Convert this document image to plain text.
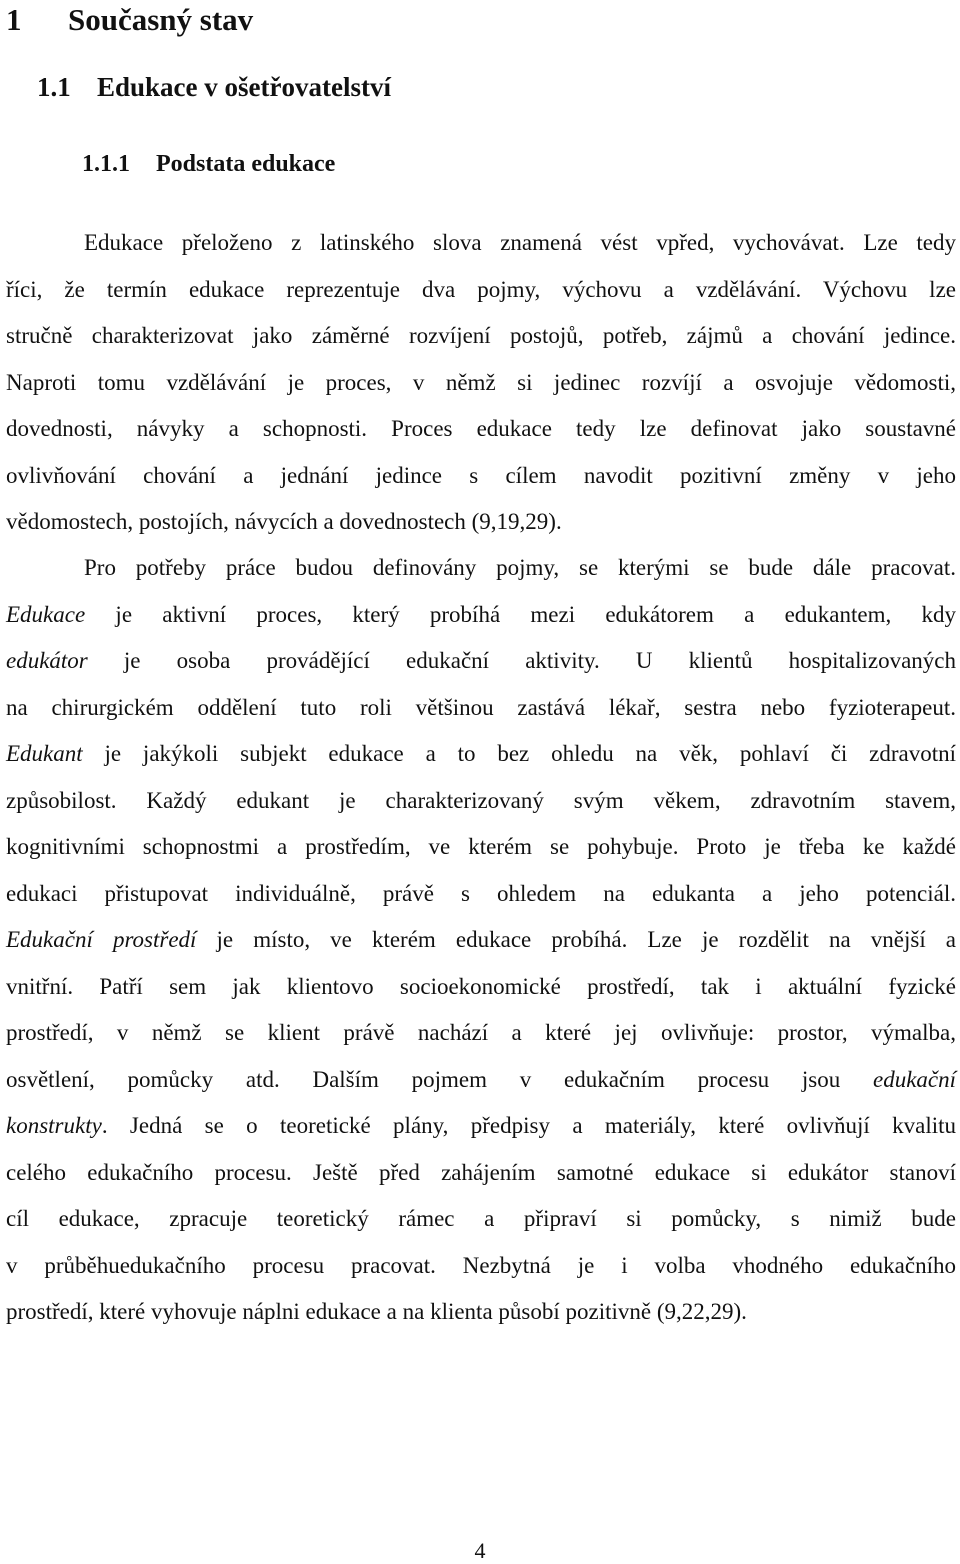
1 Současný stav
1.1 Edukace v ošetřovatelství
1.1.1 Podstata edukace
Edukace přeloženo z latinského slova znamená vést vpřed, vychovávat. Lze tedy
říci, že termín edukace reprezentuje dva pojmy, výchovu a vzdělávání. Výchovu lze
stručně charakterizovat jako záměrné rozvíjení postojů, potřeb, zájmů a chování jedince.
Naproti tomu vzdělávání je proces, v němž si jedinec rozvíjí a osvojuje vědomosti,
dovednosti, návyky a schopnosti. Proces edukace tedy lze definovat jako soustavné
ovlivňování chování a jednání jedince s cílem navodit pozitivní změny v jeho
vědomostech, postojích, návycích a dovednostech (9,19,29).
Pro potřeby práce budou definovány pojmy, se kterými se bude dále pracovat.
Edukace je aktivní proces, který probíhá mezi edukátorem a edukantem, kdy
edukátor je osoba provádějící edukační aktivity. U klientů hospitalizovaných
na chirurgickém oddělení tuto roli většinou zastává lékař, sestra nebo fyzioterapeut.
Edukant je jakýkoli subjekt edukace a to bez ohledu na věk, pohlaví či zdravotní
způsobilost. Každý edukant je charakterizovaný svým věkem, zdravotním stavem,
kognitivními schopnostmi a prostředím, ve kterém se pohybuje. Proto je třeba ke každé
edukaci přistupovat individuálně, právě s ohledem na edukanta a jeho potenciál.
Edukační prostředí je místo, ve kterém edukace probíhá. Lze je rozdělit na vnější a
vnitřní. Patří sem jak klientovo socioekonomické prostředí, tak i aktuální fyzické
prostředí, v němž se klient právě nachází a které jej ovlivňuje: prostor, výmalba,
osvětlení, pomůcky atd. Dalším pojmem v edukačním procesu jsou edukační
konstrukty. Jedná se o teoretické plány, předpisy a materiály, které ovlivňují kvalitu
celého edukačního procesu. Ještě před zahájením samotné edukace si edukátor stanoví
cíl edukace, zpracuje teoretický rámec a připraví si pomůcky, s nimiž bude
v průběhuedukačního procesu pracovat. Nezbytná je i volba vhodného edukačního
prostředí, které vyhovuje náplni edukace a na klienta působí pozitivně (9,22,29).
4
